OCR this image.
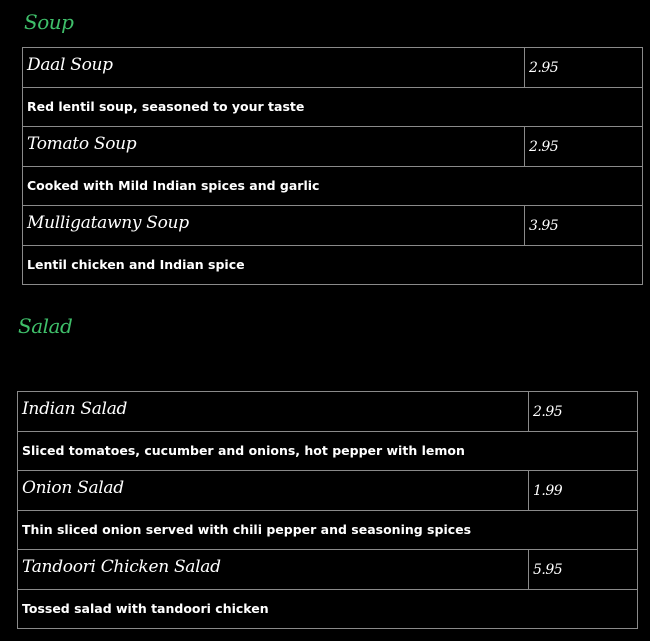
Soup
Daal Soup	2.95
Red lentil soup, seasoned to your taste	
Tomato Soup	2.95
Cooked with Mild Indian spices and garlic	
Mulligatawny Soup	3.95
Lentil chicken and Indian spice	
Salad
Indian Salad	2.95
Sliced tomatoes, cucumber and onions, hot pepper with lemon	
Onion Salad	1.99
Thin sliced onion served with chili pepper and seasoning spices	
Tandoori Chicken Salad	5.95
Tossed salad with tandoori chicken	
